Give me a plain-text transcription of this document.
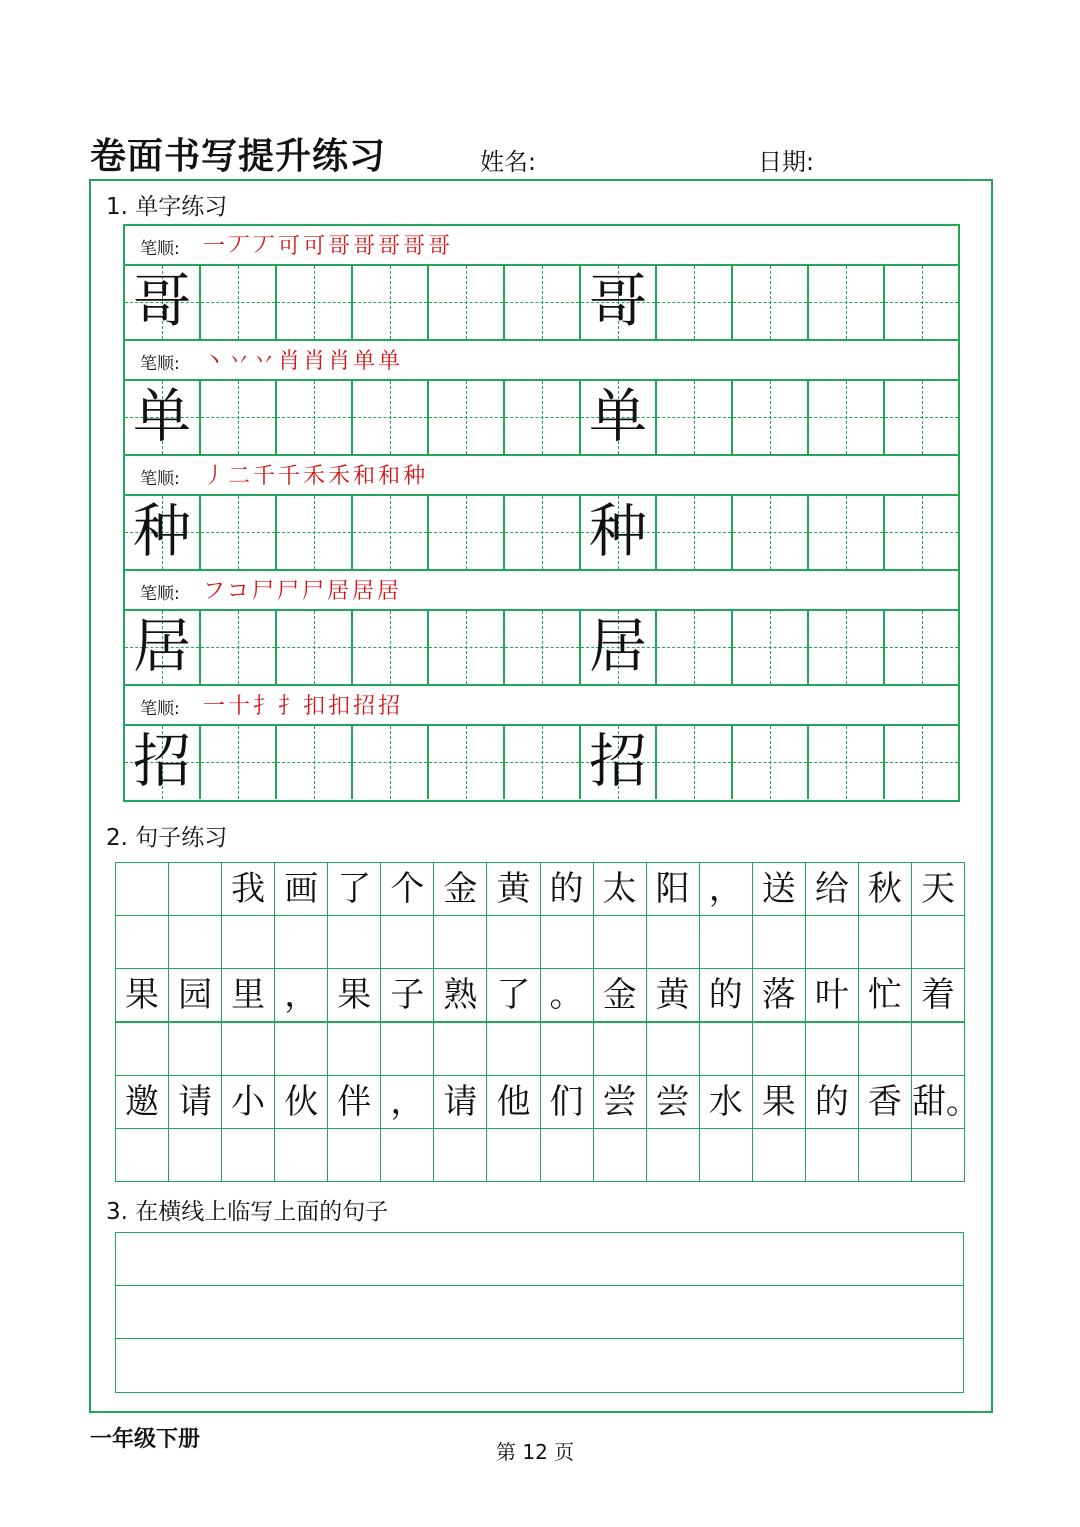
卷面书写提升练习	姓名:	日期:
1. 单字练习
笔顺: 一丆丆可可哥哥哥哥哥
哥	哥
笔顺: 丶丷丷肖肖肖单单
单	单
笔顺: 丿二千千禾禾和和种
种	种
笔顺: フコ尸尸尸居居居
居	居
笔顺: 一十扌扌扣扣招招
招	招
2. 句子练习
我 画 了 个 金 黄 的 太 阳 ， 送 给 秋 天
果 园 里 ， 果 子 熟 了 。 金 黄 的 落 叶 忙 着
邀 请 小 伙 伴 ， 请 他 们 尝 尝 水 果 的 香 甜。
3. 在横线上临写上面的句子
一年级下册	第 12 页
